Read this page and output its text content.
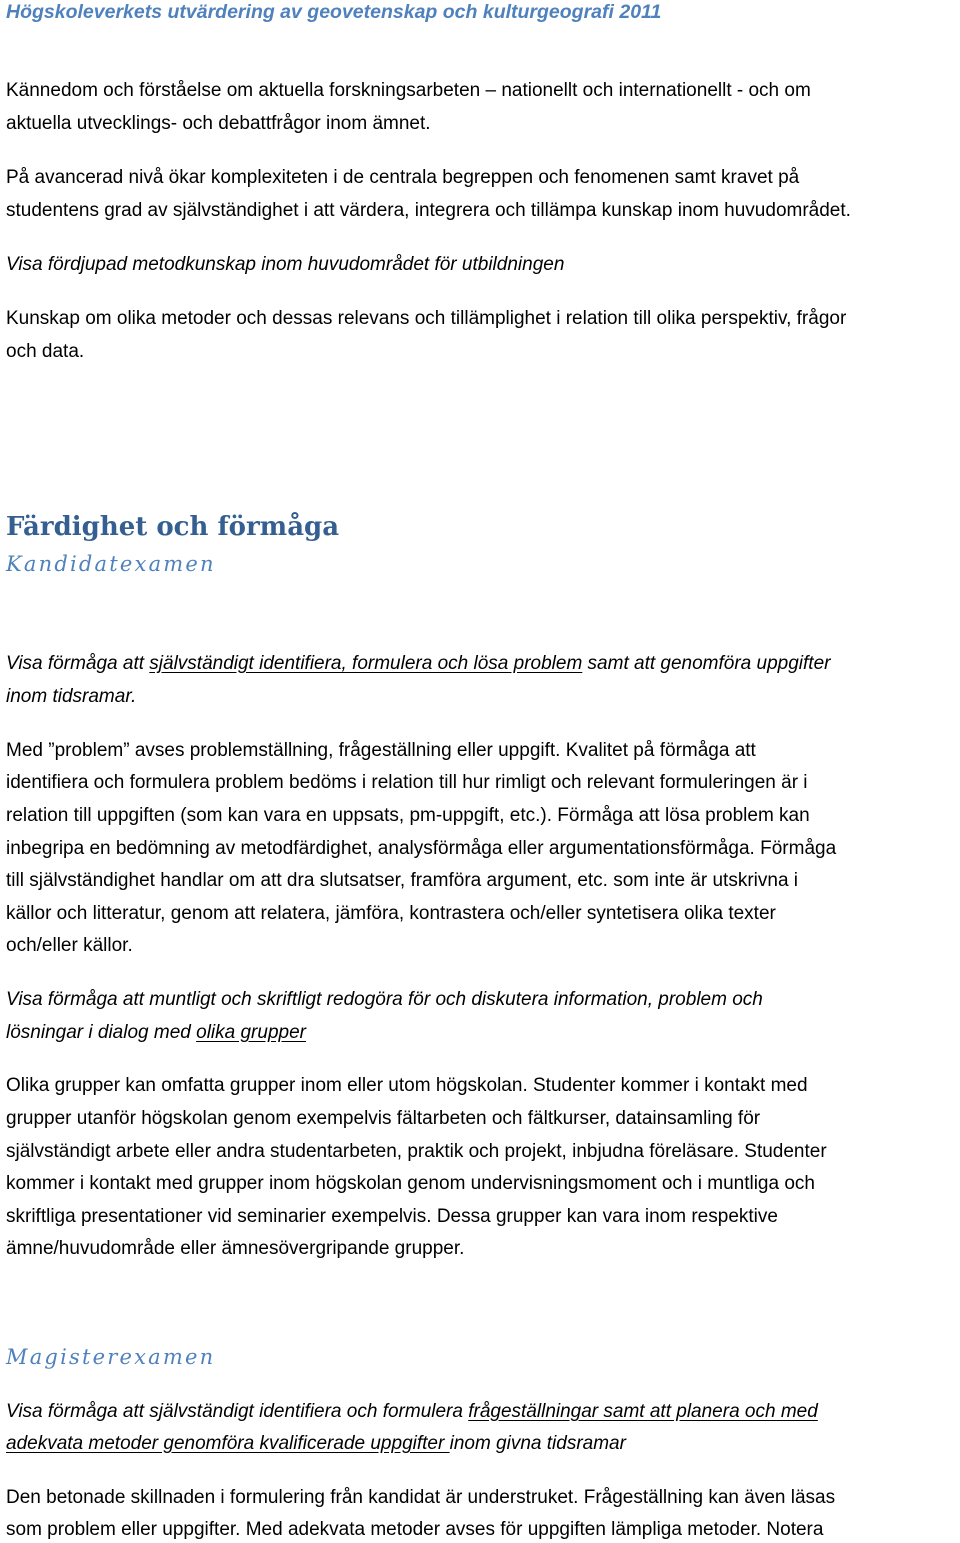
Högskoleverkets utvärdering av geovetenskap och kulturgeografi 2011
Kännedom och förståelse om aktuella forskningsarbeten – nationellt och internationellt - och om
aktuella utvecklings- och debattfrågor inom ämnet.
På avancerad nivå ökar komplexiteten i de centrala begreppen och fenomenen samt kravet på
studentens grad av självständighet i att värdera, integrera och tillämpa kunskap inom huvudområdet.
Visa fördjupad metodkunskap inom huvudområdet för utbildningen
Kunskap om olika metoder och dessas relevans och tillämplighet i relation till olika perspektiv, frågor
och data.
Färdighet och förmåga
Kandidatexamen
Visa förmåga att självständigt identifiera, formulera och lösa problem samt att genomföra uppgifter
inom tidsramar.
Med ”problem” avses problemställning, frågeställning eller uppgift. Kvalitet på förmåga att
identifiera och formulera problem bedöms i relation till hur rimligt och relevant formuleringen är i
relation till uppgiften (som kan vara en uppsats, pm-uppgift, etc.). Förmåga att lösa problem kan
inbegripa en bedömning av metodfärdighet, analysförmåga eller argumentationsförmåga. Förmåga
till självständighet handlar om att dra slutsatser, framföra argument, etc. som inte är utskrivna i
källor och litteratur, genom att relatera, jämföra, kontrastera och/eller syntetisera olika texter
och/eller källor.
Visa förmåga att muntligt och skriftligt redogöra för och diskutera information, problem och
lösningar i dialog med olika grupper
Olika grupper kan omfatta grupper inom eller utom högskolan. Studenter kommer i kontakt med
grupper utanför högskolan genom exempelvis fältarbeten och fältkurser, datainsamling för
självständigt arbete eller andra studentarbeten, praktik och projekt, inbjudna föreläsare. Studenter
kommer i kontakt med grupper inom högskolan genom undervisningsmoment och i muntliga och
skriftliga presentationer vid seminarier exempelvis. Dessa grupper kan vara inom respektive
ämne/huvudområde eller ämnesövergripande grupper.
Magisterexamen
Visa förmåga att självständigt identifiera och formulera frågeställningar samt att planera och med
adekvata metoder genomföra kvalificerade uppgifter inom givna tidsramar
Den betonade skillnaden i formulering från kandidat är understruket. Frågeställning kan även läsas
som problem eller uppgifter. Med adekvata metoder avses för uppgiften lämpliga metoder. Notera
